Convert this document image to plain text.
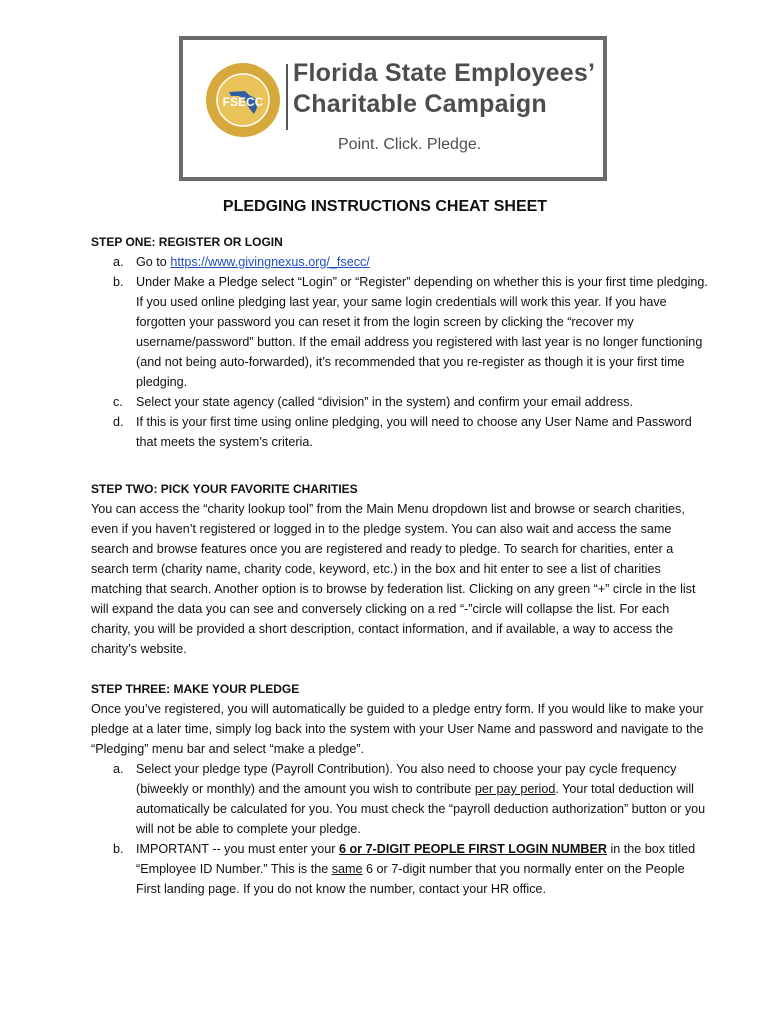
FSECC
Florida State Employees’
Charitable Campaign
Point. Click. Pledge.
PLEDGING INSTRUCTIONS CHEAT SHEET
STEP ONE: REGISTER OR LOGIN
a. Go to https://www.givingnexus.org/_fsecc/
b. Under Make a Pledge select “Login” or “Register” depending on whether this is your first time pledging. If you used online pledging last year, your same login credentials will work this year. If you have forgotten your password you can reset it from the login screen by clicking the “recover my username/password” button. If the email address you registered with last year is no longer functioning (and not being auto-forwarded), it’s recommended that you re-register as though it is your first time pledging.
c. Select your state agency (called “division” in the system) and confirm your email address.
d. If this is your first time using online pledging, you will need to choose any User Name and Password that meets the system’s criteria.
STEP TWO: PICK YOUR FAVORITE CHARITIES

You can access the “charity lookup tool” from the Main Menu dropdown list and browse or search charities, even if you haven’t registered or logged in to the pledge system. You can also wait and access the same search and browse features once you are registered and ready to pledge. To search for charities, enter a search term (charity name, charity code, keyword, etc.) in the box and hit enter to see a list of charities matching that search. Another option is to browse by federation list. Clicking on any green “+” circle in the list will expand the data you can see and conversely clicking on a red “-”circle will collapse the list. For each charity, you will be provided a short description, contact information, and if available, a way to access the charity’s website.

STEP THREE: MAKE YOUR PLEDGE

Once you’ve registered, you will automatically be guided to a pledge entry form. If you would like to make your pledge at a later time, simply log back into the system with your User Name and password and navigate to the “Pledging” menu bar and select “make a pledge”.

a. Select your pledge type (Payroll Contribution). You also need to choose your pay cycle frequency (biweekly or monthly) and the amount you wish to contribute per pay period. Your total deduction will automatically be calculated for you. You must check the “payroll deduction authorization” button or you will not be able to complete your pledge.
b. IMPORTANT -- you must enter your 6 or 7-DIGIT PEOPLE FIRST LOGIN NUMBER in the box titled “Employee ID Number.” This is the same 6 or 7-digit number that you normally enter on the People First landing page. If you do not know the number, contact your HR office.
